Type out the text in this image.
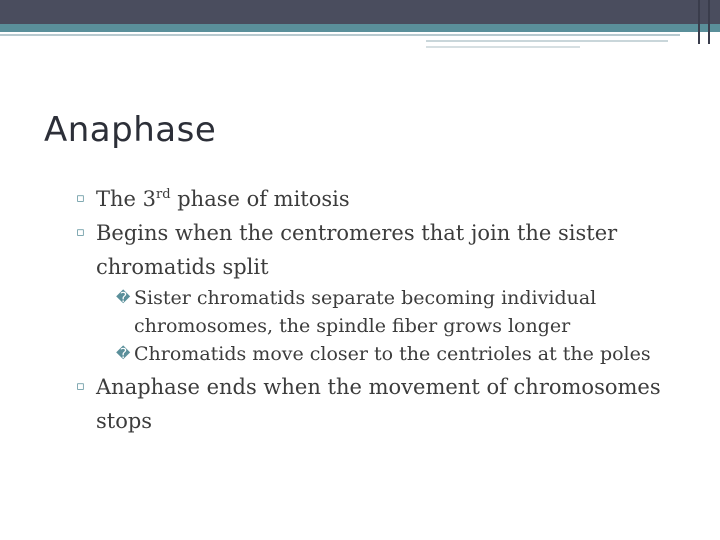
Anaphase
▫ The 3rd phase of mitosis
▫ Begins when the centromeres that join the sister chromatids split
� Sister chromatids separate becoming individual chromosomes, the spindle fiber grows longer
� Chromatids move closer to the centrioles at the poles
▫ Anaphase ends when the movement of chromosomes stops
